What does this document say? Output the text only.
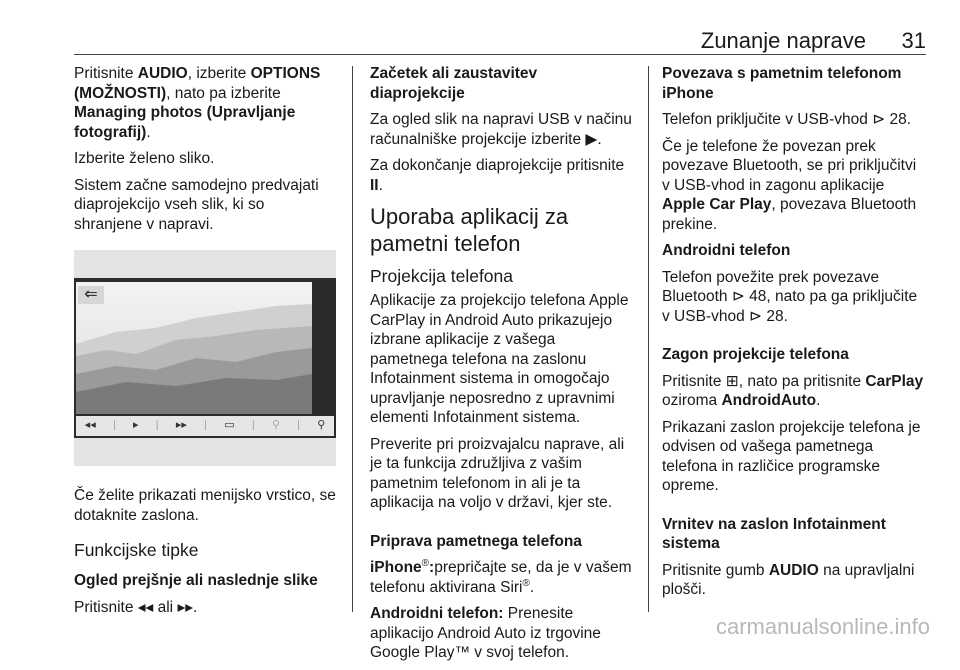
Zunanje naprave 31

Pritisnite AUDIO, izberite OPTIONS (MOŽNOSTI), nato pa izberite Managing photos (Upravljanje fotografij).

Izberite želeno sliko.

Sistem začne samodejno predvajati diaprojekcijo vseh slik, ki so shranjene v napravi.

⇐
◂◂ | ▸ | ▸▸ | ▭ | ⚲ | ⚲

Če želite prikazati menijsko vrstico, se dotaknite zaslona.

Funkcijske tipke

Ogled prejšnje ali naslednje slike

Pritisnite ◂◂ ali ▸▸.

Začetek ali zaustavitev diaprojekcije

Za ogled slik na napravi USB v načinu računalniške projekcije izberite ▶.

Za dokončanje diaprojekcije pritisnite II.

Uporaba aplikacij za pametni telefon
Projekcija telefona

Aplikacije za projekcijo telefona Apple CarPlay in Android Auto prikazujejo izbrane aplikacije z vašega pametnega telefona na zaslonu Infotainment sistema in omogočajo upravljanje neposredno z upravnimi elementi Infotainment sistema.

Preverite pri proizvajalcu naprave, ali je ta funkcija združljiva z vašim pametnim telefonom in ali je ta aplikacija na voljo v državi, kjer ste.

Priprava pametnega telefona

iPhone®:prepričajte se, da je v vašem telefonu aktivirana Siri®.

Androidni telefon: Prenesite aplikacijo Android Auto iz trgovine Google Play™ v svoj telefon.

Povezava s pametnim telefonom iPhone

Telefon priključite v USB-vhod ⊳ 28.

Če je telefone že povezan prek povezave Bluetooth, se pri priključitvi v USB-vhod in zagonu aplikacije Apple Car Play, povezava Bluetooth prekine.

Androidni telefon

Telefon povežite prek povezave Bluetooth ⊳ 48, nato pa ga priključite v USB-vhod ⊳ 28.

Zagon projekcije telefona

Pritisnite ⊞, nato pa pritisnite CarPlay oziroma AndroidAuto.

Prikazani zaslon projekcije telefona je odvisen od vašega pametnega telefona in različice programske opreme.

Vrnitev na zaslon Infotainment sistema

Pritisnite gumb AUDIO na upravljalni plošči.

carmanualsonline.info
